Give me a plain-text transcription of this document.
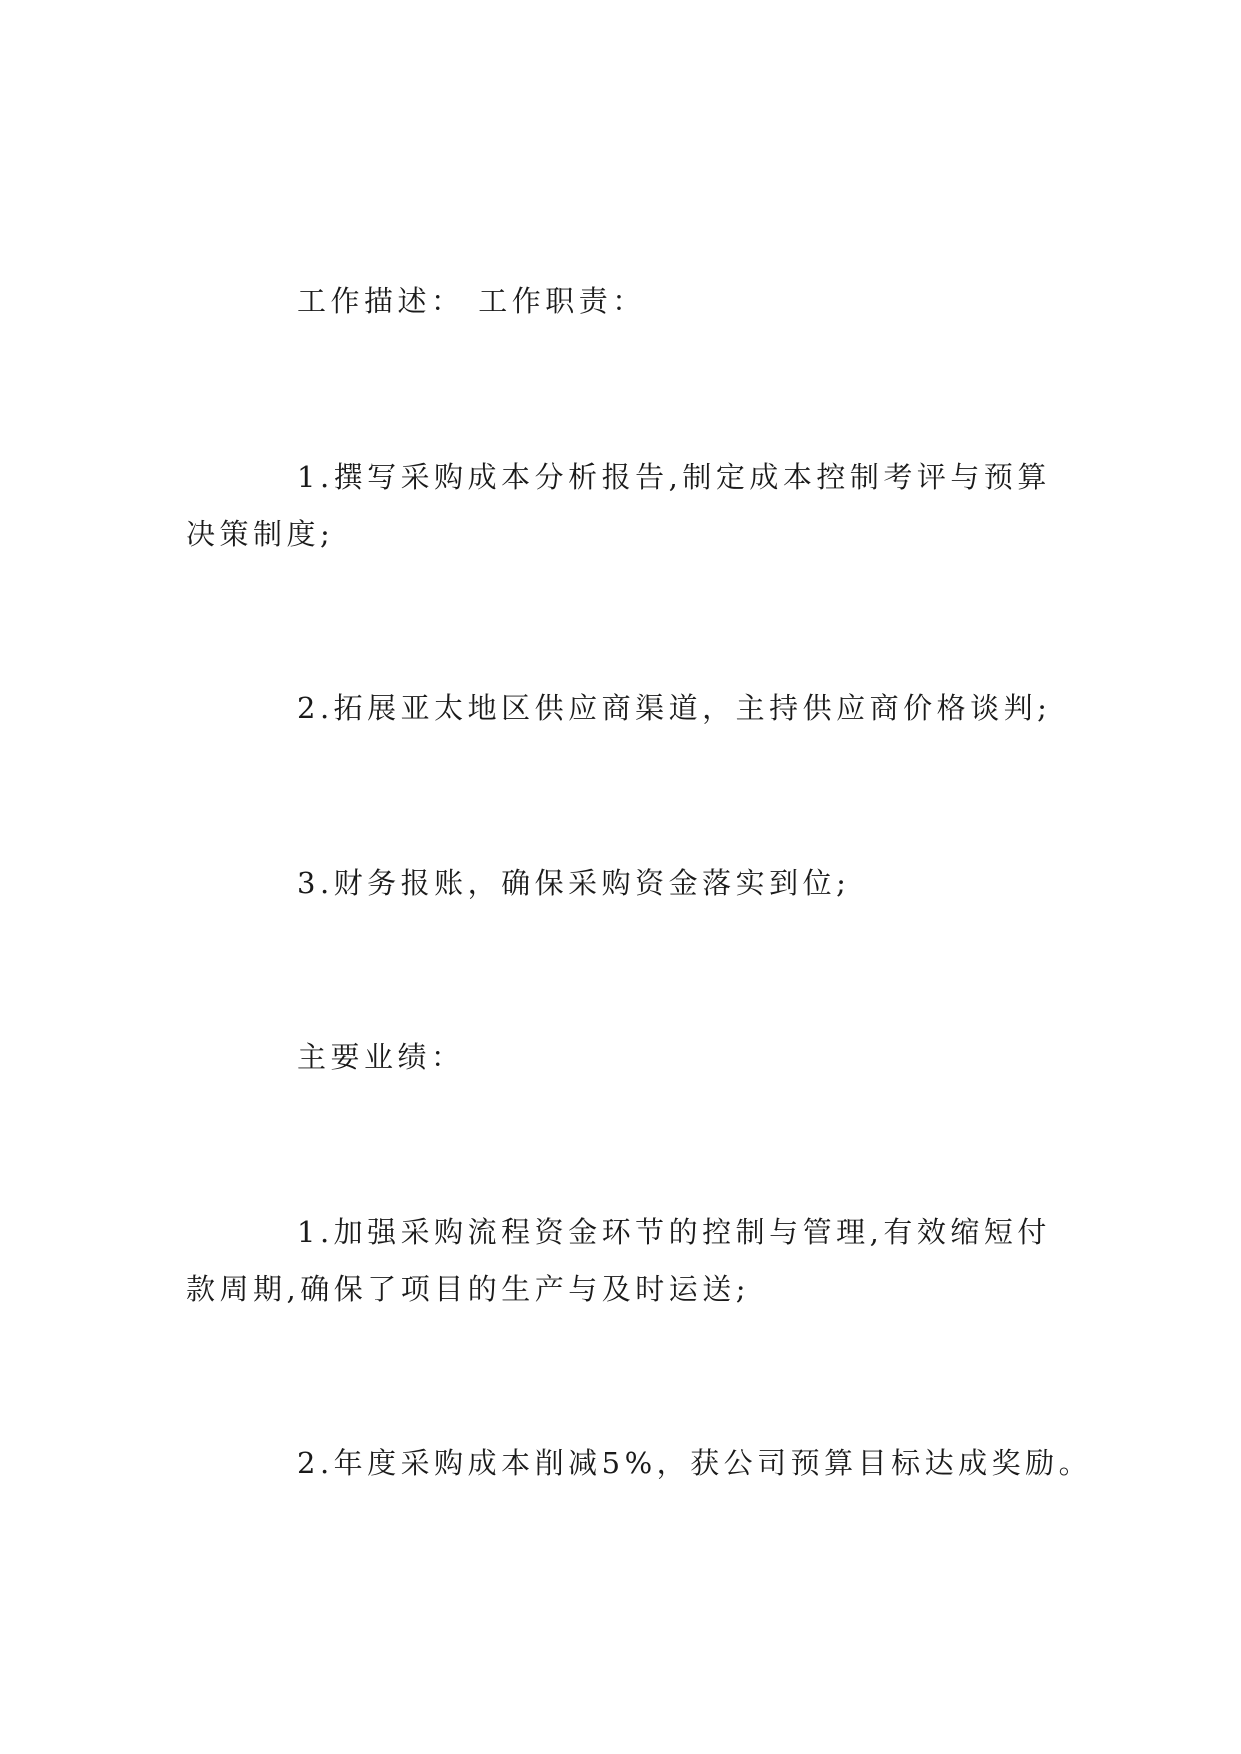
工作描述： 工作职责：
1.撰写采购成本分析报告,制定成本控制考评与预算
决策制度;
2.拓展亚太地区供应商渠道，主持供应商价格谈判;
3.财务报账，确保采购资金落实到位;
主要业绩：
1.加强采购流程资金环节的控制与管理,有效缩短付
款周期,确保了项目的生产与及时运送;
2.年度采购成本削减5%，获公司预算目标达成奖励。
